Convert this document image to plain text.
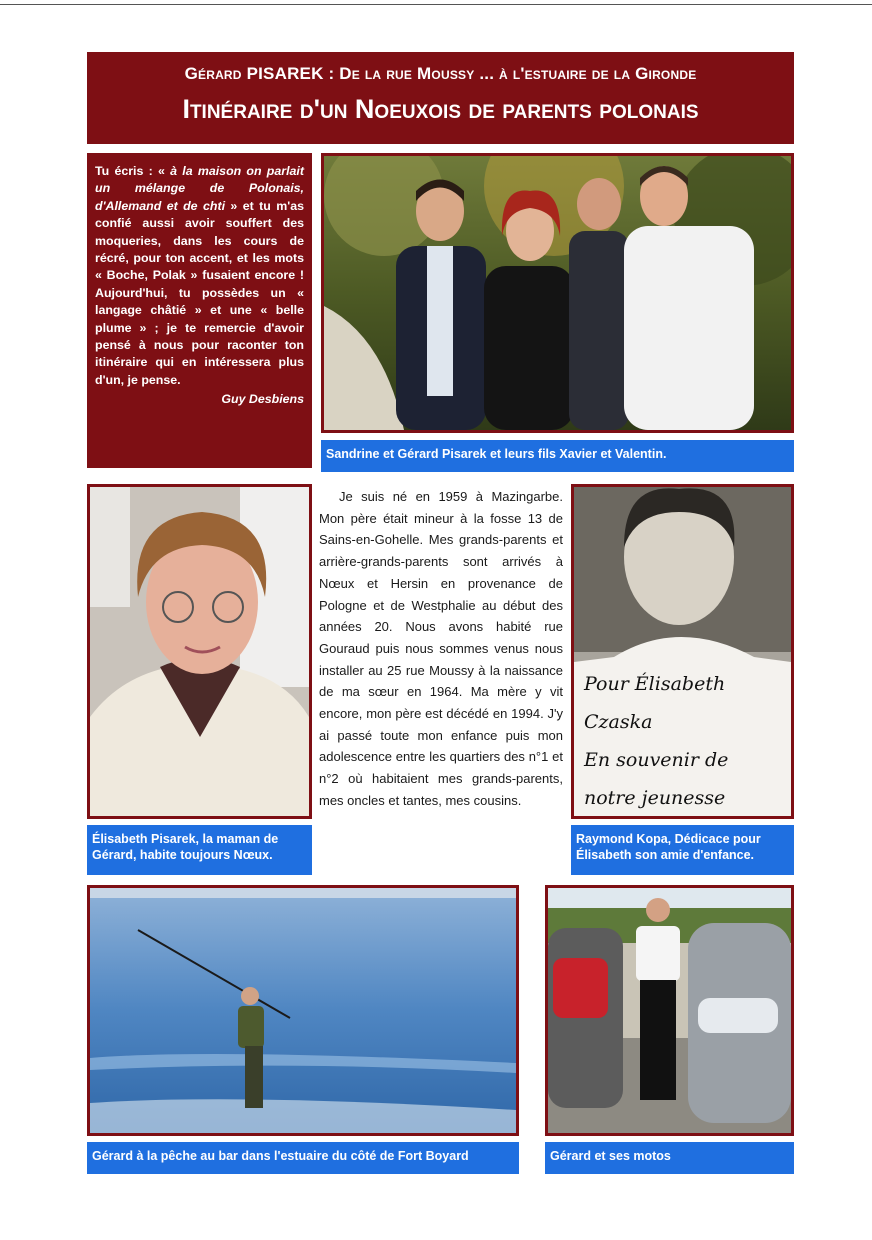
Gérard PISAREK : De la rue Moussy ... à l'estuaire de la Gironde
Itinéraire d'un Noeuxois de parents polonais
Tu écris : « à la maison on parlait un mélange de Polonais, d'Allemand et de chti » et tu m'as confié aussi avoir souffert des moqueries, dans les cours de récré, pour ton accent, et les mots « Boche, Polak » fusaient encore ! Aujourd'hui, tu possèdes un « langage châtié » et une « belle plume » ; je te remercie d'avoir pensé à nous pour raconter ton itinéraire qui en intéressera plus d'un, je pense.
Guy Desbiens
Sandrine et Gérard Pisarek et leurs fils Xavier et Valentin.
Élisabeth Pisarek, la maman de Gérard, habite toujours Nœux.

Je suis né en 1959 à Mazingarbe. Mon père était mineur à la fosse 13 de Sains-en-Gohelle. Mes grands-parents et arrière-grands-parents sont arrivés à Nœux et Hersin en provenance de Pologne et de Westphalie au début des années 20. Nous avons habité rue Gouraud puis nous sommes venus nous installer au 25 rue Moussy à la naissance de ma sœur en 1964. Ma mère y vit encore, mon père est décédé en 1994. J'y ai passé toute mon enfance puis mon adolescence entre les quartiers des n°1 et n°2 où habitaient mes grands-parents, mes oncles et tantes, mes cousins.

Pour Élisabeth Czaska
En souvenir de
notre jeunesse
Raymond Kopa, Dédicace pour Élisabeth son amie d'enfance.
Gérard à la pêche au bar dans l'estuaire du côté de Fort Boyard	Gérard et ses motos
